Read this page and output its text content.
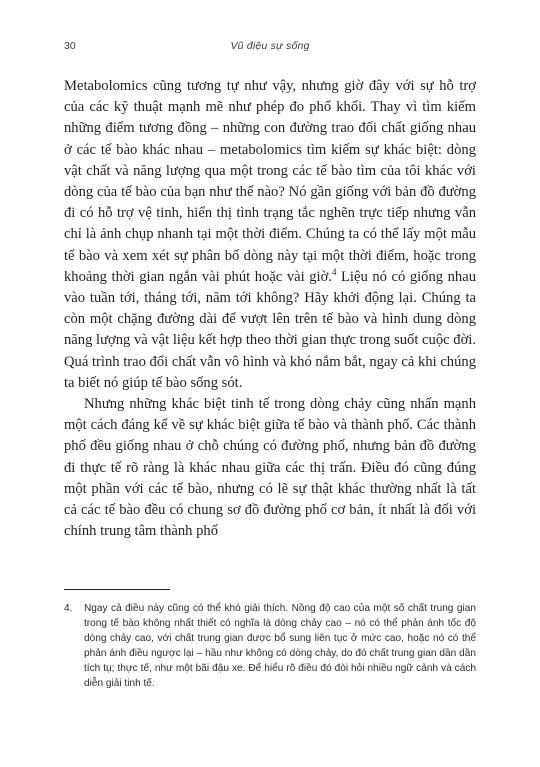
30	Vũ điệu sự sống

Metabolomics cũng tương tự như vậy, nhưng giờ đây với sự hỗ trợ của các kỹ thuật mạnh mẽ như phép đo phổ khối. Thay vì tìm kiếm những điểm tương đồng – những con đường trao đổi chất giống nhau ở các tế bào khác nhau – metabolomics tìm kiếm sự khác biệt: dòng vật chất và năng lượng qua một trong các tế bào tìm của tôi khác với dòng của tế bào của bạn như thế nào? Nó gần giống với bản đồ đường đi có hỗ trợ vệ tinh, hiển thị tình trạng tắc nghẽn trực tiếp nhưng vẫn chỉ là ảnh chụp nhanh tại một thời điểm. Chúng ta có thể lấy một mẫu tế bào và xem xét sự phân bố dòng này tại một thời điểm, hoặc trong khoảng thời gian ngắn vài phút hoặc vài giờ.$^4$ Liệu nó có giống nhau vào tuần tới, tháng tới, năm tới không? Hãy khởi động lại. Chúng ta còn một chặng đường dài để vượt lên trên tế bào và hình dung dòng năng lượng và vật liệu kết hợp theo thời gian thực trong suốt cuộc đời. Quá trình trao đổi chất vẫn vô hình và khó nắm bắt, ngay cả khi chúng ta biết nó giúp tế bào sống sót.

Nhưng những khác biệt tinh tế trong dòng chảy cũng nhấn mạnh một cách đáng kể về sự khác biệt giữa tế bào và thành phố. Các thành phố đều giống nhau ở chỗ chúng có đường phố, nhưng bản đồ đường đi thực tế rõ ràng là khác nhau giữa các thị trấn. Điều đó cũng đúng một phần với các tế bào, nhưng có lẽ sự thật khác thường nhất là tất cả các tế bào đều có chung sơ đồ đường phố cơ bản, ít nhất là đối với chính trung tâm thành phố

4. Ngay cả điều này cũng có thể khó giải thích. Nồng độ cao của một số chất trung gian trong tế bào không nhất thiết có nghĩa là dòng chảy cao – nó có thể phản ánh tốc độ dòng chảy cao, với chất trung gian được bổ sung liên tục ở mức cao, hoặc nó có thể phản ánh điều ngược lại – hầu như không có dòng chảy, do đó chất trung gian dần dần tích tụ; thực tế, như một bãi đậu xe. Để hiểu rõ điều đó đòi hỏi nhiều ngữ cảnh và cách diễn giải tinh tế.
